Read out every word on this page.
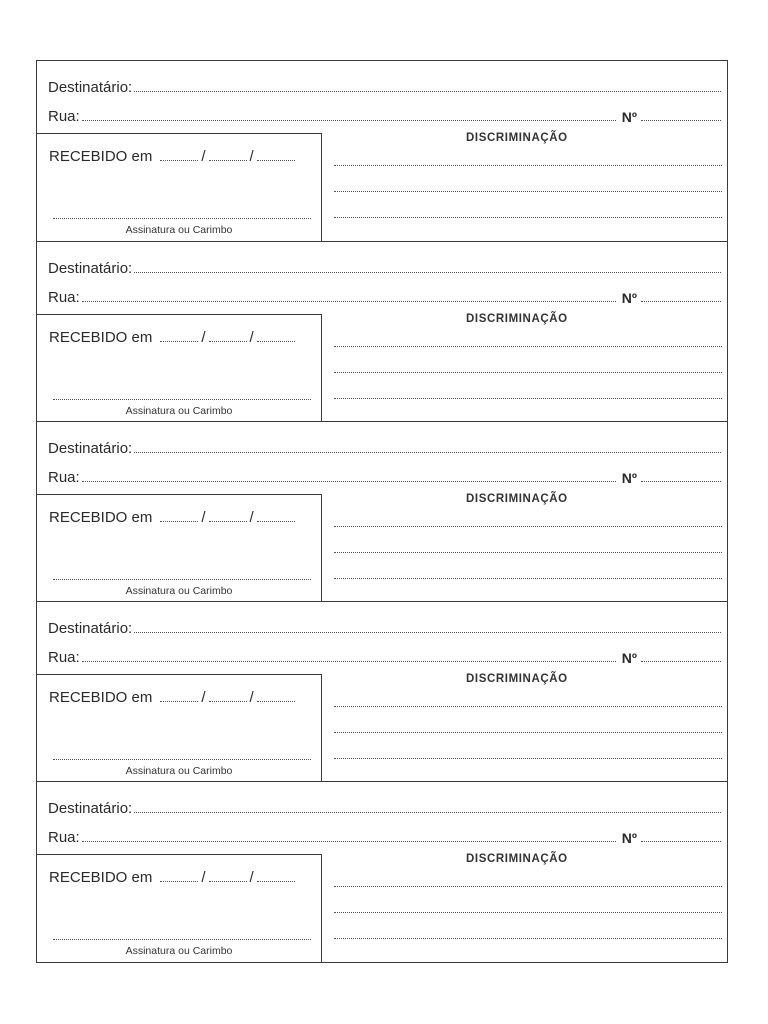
Destinatário:
Rua:	Nº
DISCRIMINAÇÃO
RECEBIDO em	/	/
Assinatura ou Carimbo
Destinatário:
Rua:	Nº
DISCRIMINAÇÃO
RECEBIDO em	/	/
Assinatura ou Carimbo
Destinatário:
Rua:	Nº
DISCRIMINAÇÃO
RECEBIDO em	/	/
Assinatura ou Carimbo
Destinatário:
Rua:	Nº
DISCRIMINAÇÃO
RECEBIDO em	/	/
Assinatura ou Carimbo
Destinatário:
Rua:	Nº
DISCRIMINAÇÃO
RECEBIDO em	/	/
Assinatura ou Carimbo
